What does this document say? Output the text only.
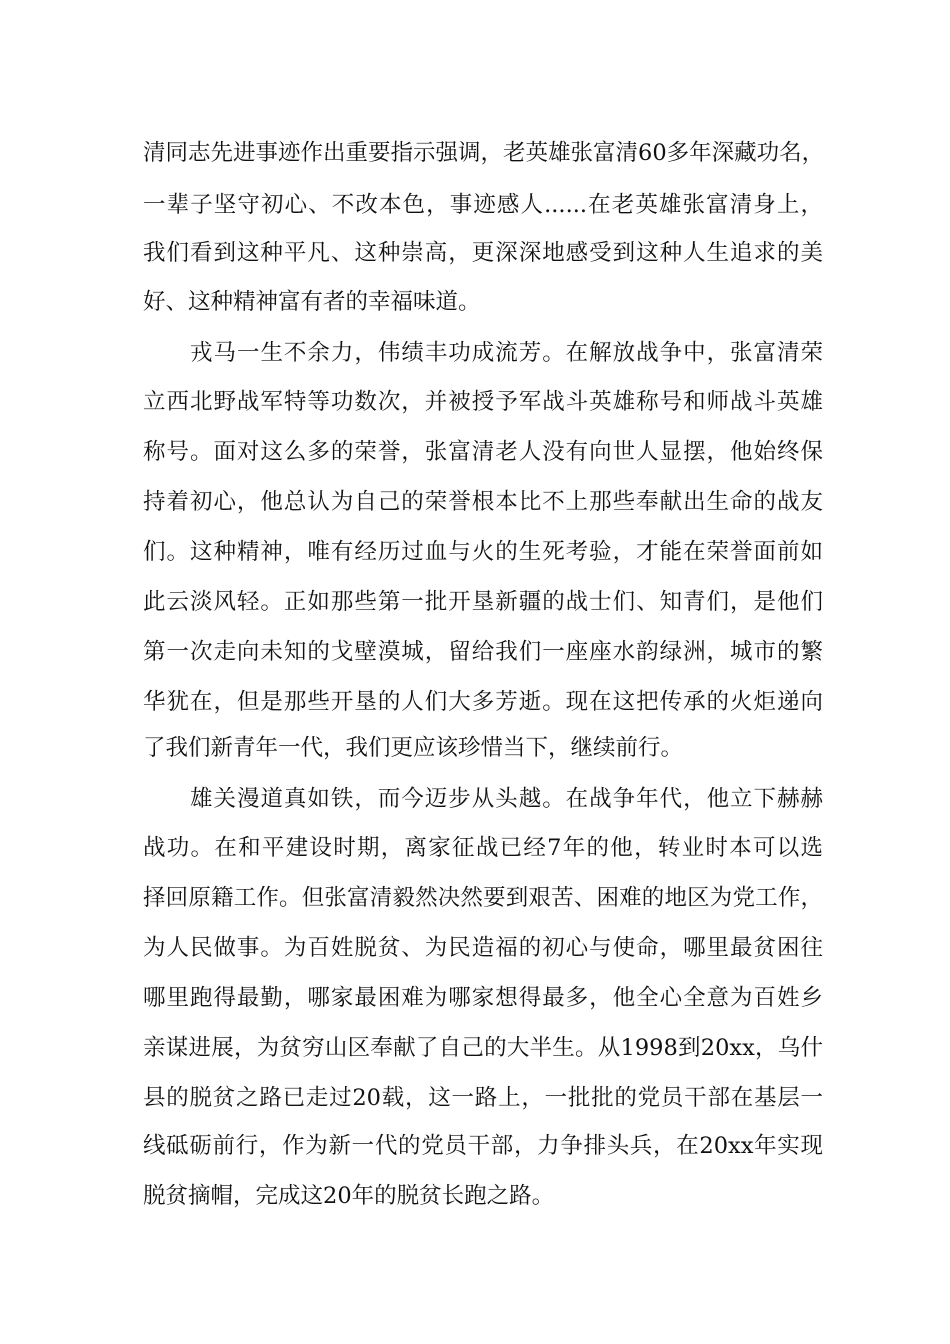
清同志先进事迹作出重要指示强调，老英雄张富清60多年深藏功名，
一辈子坚守初心、不改本色，事迹感人......在老英雄张富清身上，
我们看到这种平凡、这种崇高，更深深地感受到这种人生追求的美
好、这种精神富有者的幸福味道。
戎马一生不余力，伟绩丰功成流芳。在解放战争中，张富清荣
立西北野战军特等功数次，并被授予军战斗英雄称号和师战斗英雄
称号。面对这么多的荣誉，张富清老人没有向世人显摆，他始终保
持着初心，他总认为自己的荣誉根本比不上那些奉献出生命的战友
们。这种精神，唯有经历过血与火的生死考验，才能在荣誉面前如
此云淡风轻。正如那些第一批开垦新疆的战士们、知青们，是他们
第一次走向未知的戈壁漠城，留给我们一座座水韵绿洲，城市的繁
华犹在，但是那些开垦的人们大多芳逝。现在这把传承的火炬递向
了我们新青年一代，我们更应该珍惜当下，继续前行。
雄关漫道真如铁，而今迈步从头越。在战争年代，他立下赫赫
战功。在和平建设时期，离家征战已经7年的他，转业时本可以选
择回原籍工作。但张富清毅然决然要到艰苦、困难的地区为党工作，
为人民做事。为百姓脱贫、为民造福的初心与使命，哪里最贫困往
哪里跑得最勤，哪家最困难为哪家想得最多，他全心全意为百姓乡
亲谋进展，为贫穷山区奉献了自己的大半生。从1998到20xx，乌什
县的脱贫之路已走过20载，这一路上，一批批的党员干部在基层一
线砥砺前行，作为新一代的党员干部，力争排头兵，在20xx年实现
脱贫摘帽，完成这20年的脱贫长跑之路。
